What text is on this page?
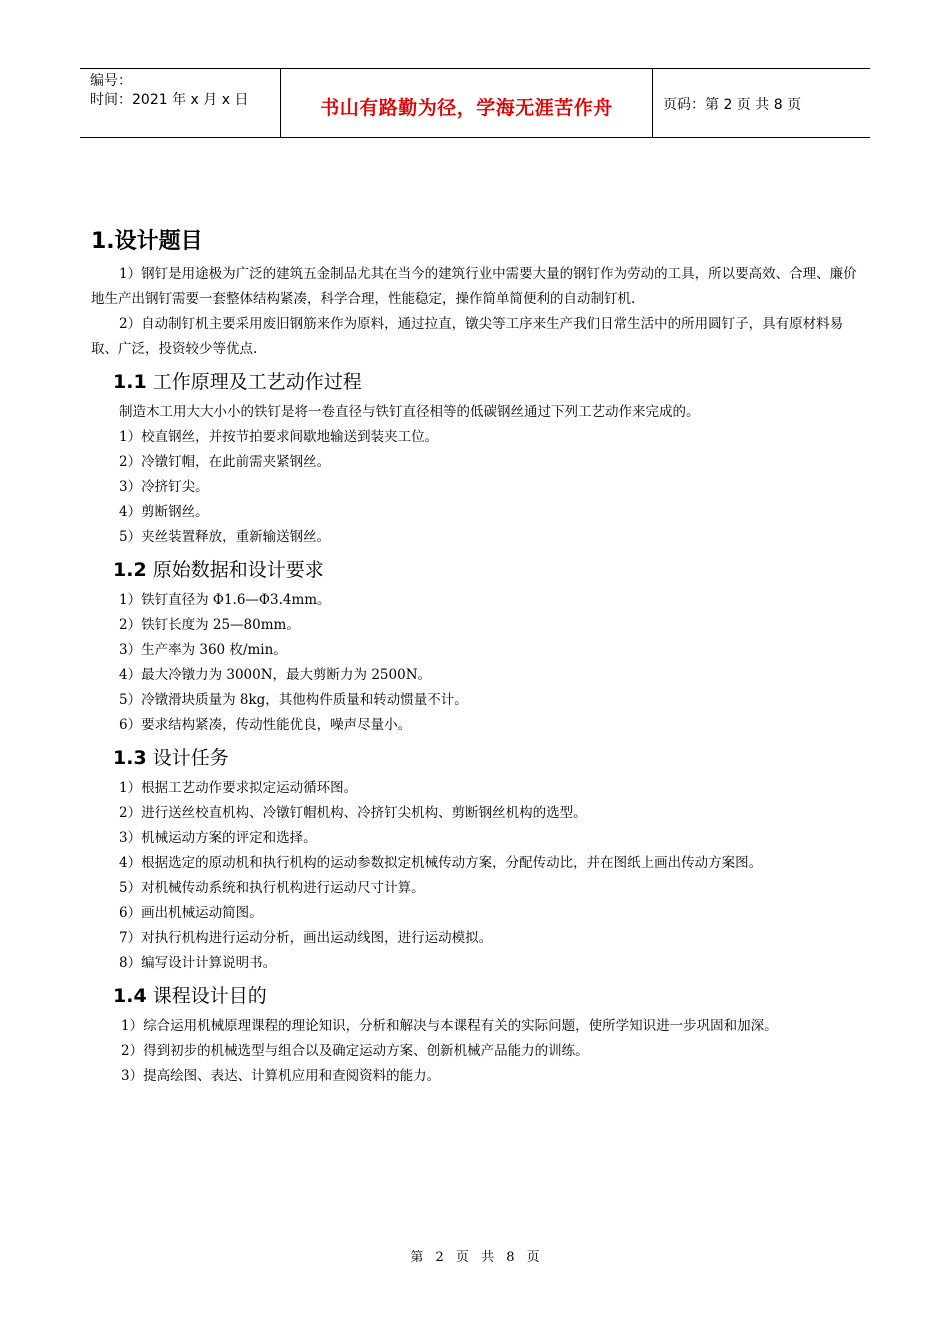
编号：
时间：2021 年 x 月 x 日	书山有路勤为径，学海无涯苦作舟	页码：第 2 页 共 8 页
1.设计题目

1）钢钉是用途极为广泛的建筑五金制品尤其在当今的建筑行业中需要大量的钢钉作为劳动的工具，所以要高效、合理、廉价地生产出钢钉需要一套整体结构紧凑，科学合理，性能稳定，操作简单简便利的自动制钉机.

2）自动制钉机主要采用废旧钢筋来作为原料，通过拉直，镦尖等工序来生产我们日常生活中的所用圆钉子，具有原材料易取、广泛，投资较少等优点.

1.1 工作原理及工艺动作过程

制造木工用大大小小的铁钉是将一卷直径与铁钉直径相等的低碳钢丝通过下列工艺动作来完成的。

1）校直钢丝，并按节拍要求间歇地输送到装夹工位。

2）冷镦钉帽，在此前需夹紧钢丝。

3）冷挤钉尖。

4）剪断钢丝。

5）夹丝装置释放，重新输送钢丝。

1.2 原始数据和设计要求

1）铁钉直径为 Φ1.6—Φ3.4mm。

2）铁钉长度为 25—80mm。

3）生产率为 360 枚/min。

4）最大冷镦力为 3000N，最大剪断力为 2500N。

5）冷镦滑块质量为 8kg，其他构件质量和转动惯量不计。

6）要求结构紧凑，传动性能优良，噪声尽量小。

1.3 设计任务

1）根据工艺动作要求拟定运动循环图。

2）进行送丝校直机构、冷镦钉帽机构、冷挤钉尖机构、剪断钢丝机构的选型。

3）机械运动方案的评定和选择。

4）根据选定的原动机和执行机构的运动参数拟定机械传动方案，分配传动比，并在图纸上画出传动方案图。

5）对机械传动系统和执行机构进行运动尺寸计算。

6）画出机械运动简图。

7）对执行机构进行运动分析，画出运动线图，进行运动模拟。

8）编写设计计算说明书。

1.4 课程设计目的

1）综合运用机械原理课程的理论知识，分析和解决与本课程有关的实际问题，使所学知识进一步巩固和加深。

2）得到初步的机械选型与组合以及确定运动方案、创新机械产品能力的训练。

3）提高绘图、表达、计算机应用和查阅资料的能力。

第 2 页 共 8 页
